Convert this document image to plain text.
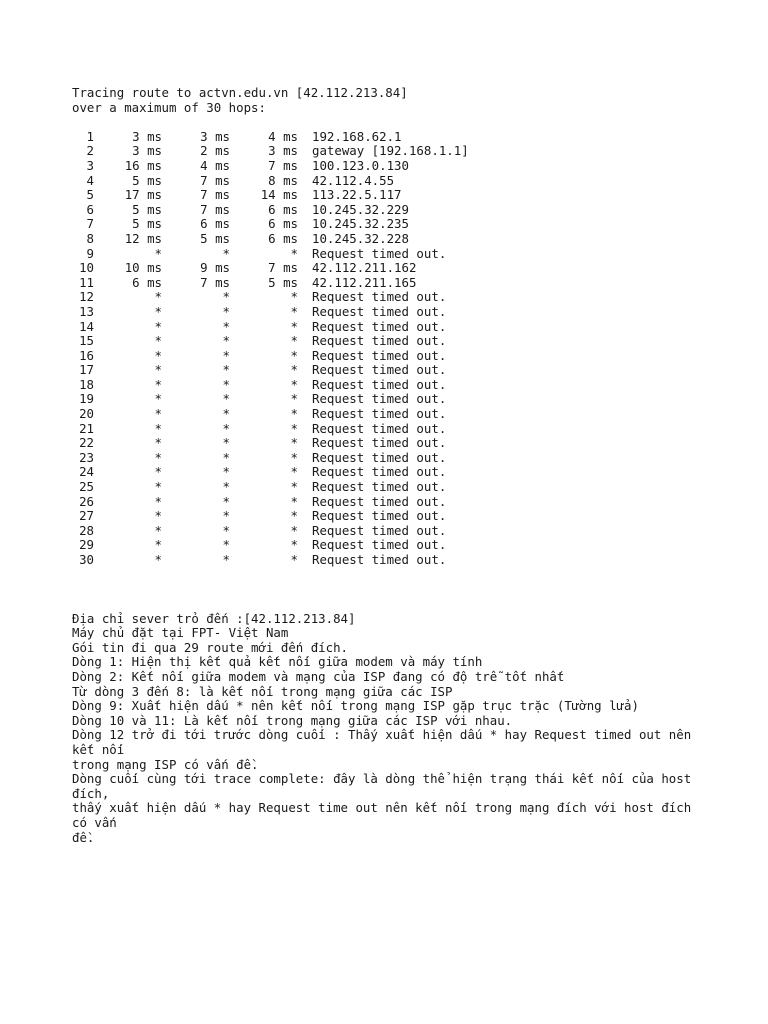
Tracing route to actvn.edu.vn [42.112.213.84]
over a maximum of 30 hops:
1	3 ms	3 ms	4 ms 192.168.62.1
2	3 ms	2 ms	3 ms gateway [192.168.1.1]
3	16 ms	4 ms	7 ms 100.123.0.130
4	5 ms	7 ms	8 ms 42.112.4.55
5	17 ms	7 ms	14 ms 113.22.5.117
6	5 ms	7 ms	6 ms 10.245.32.229
7	5 ms	6 ms	6 ms 10.245.32.235
8	12 ms	5 ms	6 ms 10.245.32.228
9	*	*	* Request timed out.
10	10 ms	9 ms	7 ms 42.112.211.162
11	6 ms	7 ms	5 ms 42.112.211.165
12	*	*	* Request timed out.
13	*	*	* Request timed out.
14	*	*	* Request timed out.
15	*	*	* Request timed out.
16	*	*	* Request timed out.
17	*	*	* Request timed out.
18	*	*	* Request timed out.
19	*	*	* Request timed out.
20	*	*	* Request timed out.
21	*	*	* Request timed out.
22	*	*	* Request timed out.
23	*	*	* Request timed out.
24	*	*	* Request timed out.
25	*	*	* Request timed out.
26	*	*	* Request timed out.
27	*	*	* Request timed out.
28	*	*	* Request timed out.
29	*	*	* Request timed out.
30	*	*	* Request timed out.
Địa chỉ sever trỏ đến :[42.112.213.84]
Máy chủ đặt tại FPT- Việt Nam
Gói tin đi qua 29 route mới đến đích.
Dòng 1: Hiện thị kết quả kết nối giữa modem và máy tính
Dòng 2: Kết nối giữa modem và mạng của ISP đang có độ trễ tốt nhất
Từ dòng 3 đến 8: là kết nối trong mạng giữa các ISP
Dòng 9: Xuất hiện dấu * nên kết nối trong mạng ISP gặp trục trặc (Tường lửa)
Dòng 10 và 11: Là kết nối trong mạng giữa các ISP với nhau.
Dòng 12 trở đi tới trước dòng cuối : Thấy xuất hiện dấu * hay Request timed out nên kết nối
trong mạng ISP có vấn đề.
Dòng cuối cùng tới trace complete: đây là dòng thể hiện trạng thái kết nối của host đích,
thấy xuất hiện dấu * hay Request time out nên kết nối trong mạng đích với host đích có vấn
đề.
